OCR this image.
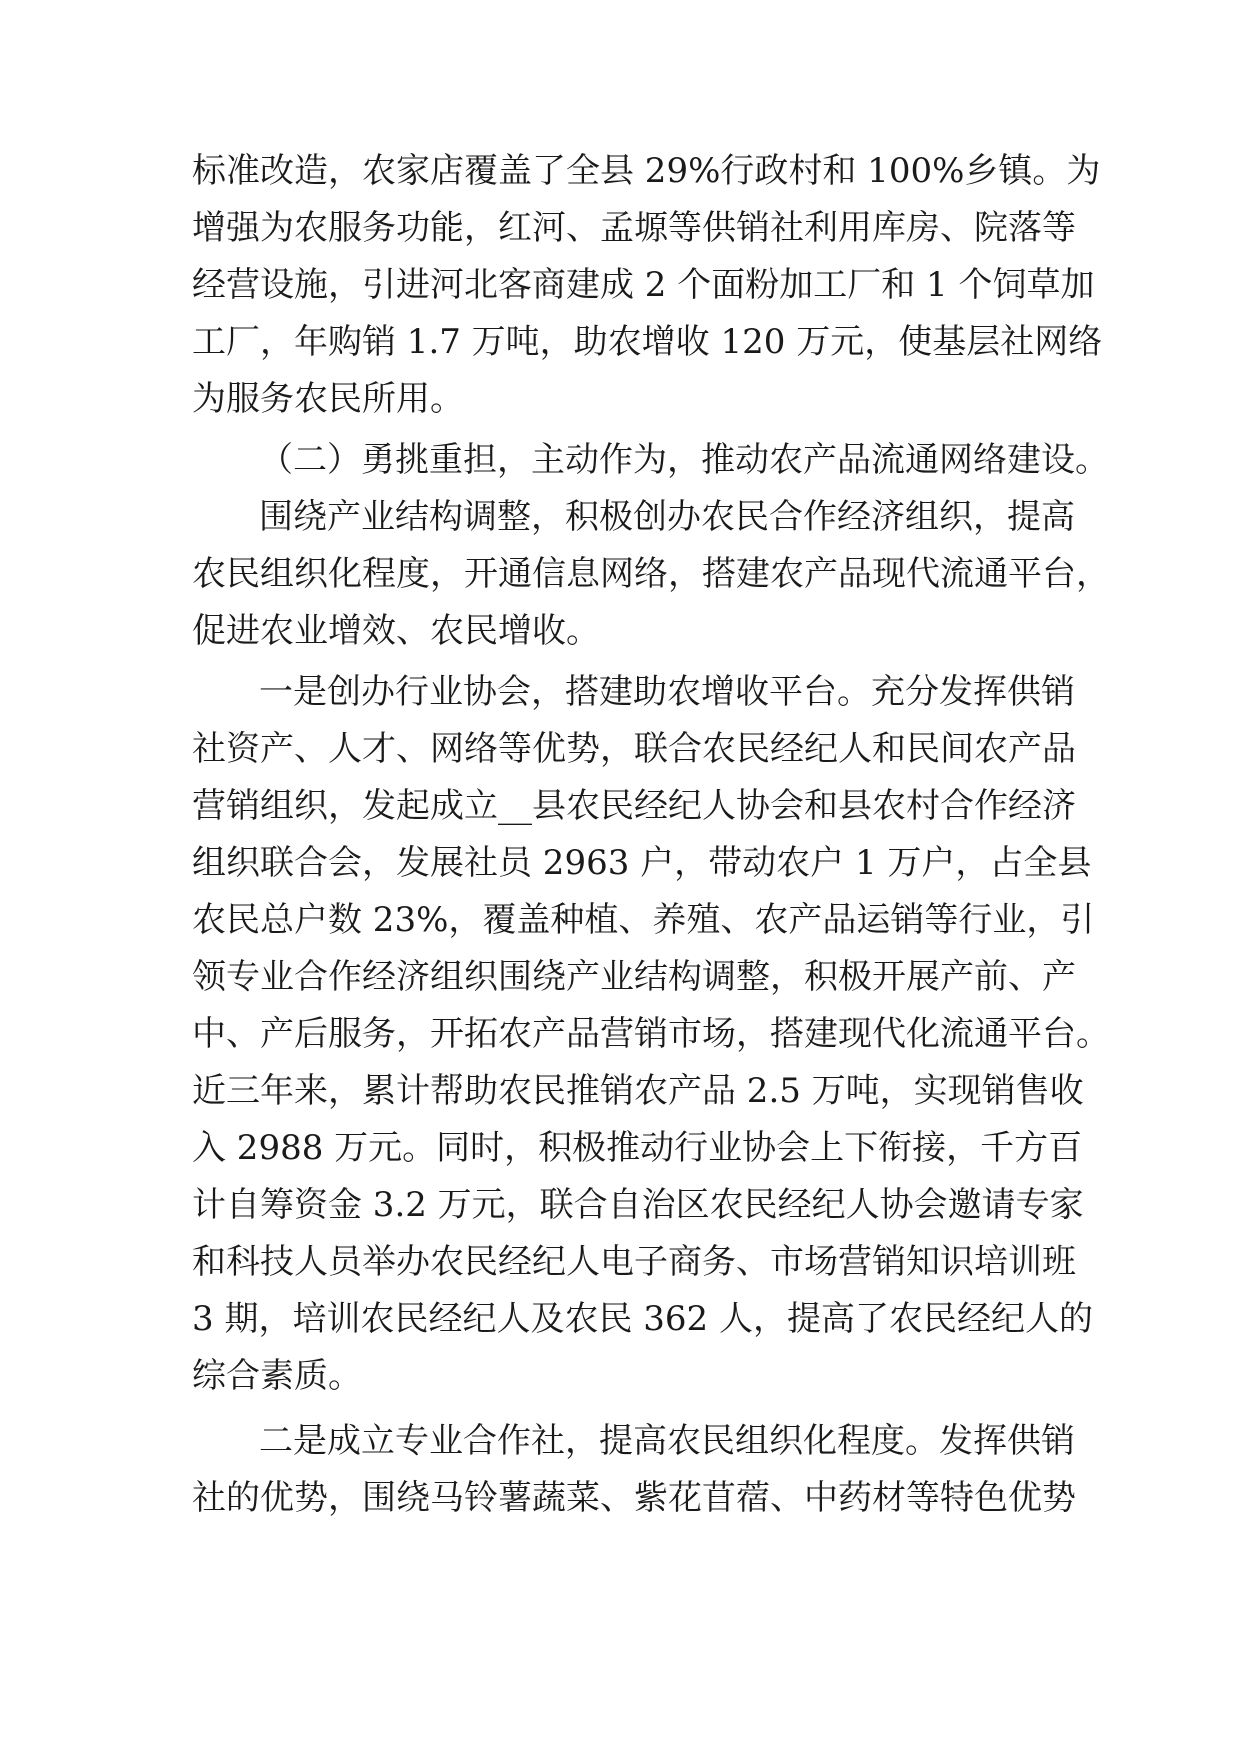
标准改造，农家店覆盖了全县 29%行政村和 100%乡镇。为
增强为农服务功能，红河、孟塬等供销社利用库房、院落等
经营设施，引进河北客商建成 2 个面粉加工厂和 1 个饲草加
工厂，年购销 1.7 万吨，助农增收 120 万元，使基层社网络
为服务农民所用。
（二）勇挑重担，主动作为，推动农产品流通网络建设。
围绕产业结构调整，积极创办农民合作经济组织，提高
农民组织化程度，开通信息网络，搭建农产品现代流通平台，
促进农业增效、农民增收。
一是创办行业协会，搭建助农增收平台。充分发挥供销
社资产、人才、网络等优势，联合农民经纪人和民间农产品
营销组织，发起成立__县农民经纪人协会和县农村合作经济
组织联合会，发展社员 2963 户，带动农户 1 万户，占全县
农民总户数 23%，覆盖种植、养殖、农产品运销等行业，引
领专业合作经济组织围绕产业结构调整，积极开展产前、产
中、产后服务，开拓农产品营销市场，搭建现代化流通平台。
近三年来，累计帮助农民推销农产品 2.5 万吨，实现销售收
入 2988 万元。同时，积极推动行业协会上下衔接，千方百
计自筹资金 3.2 万元，联合自治区农民经纪人协会邀请专家
和科技人员举办农民经纪人电子商务、市场营销知识培训班
3 期，培训农民经纪人及农民 362 人，提高了农民经纪人的
综合素质。
二是成立专业合作社，提高农民组织化程度。发挥供销
社的优势，围绕马铃薯蔬菜、紫花苜蓿、中药材等特色优势
